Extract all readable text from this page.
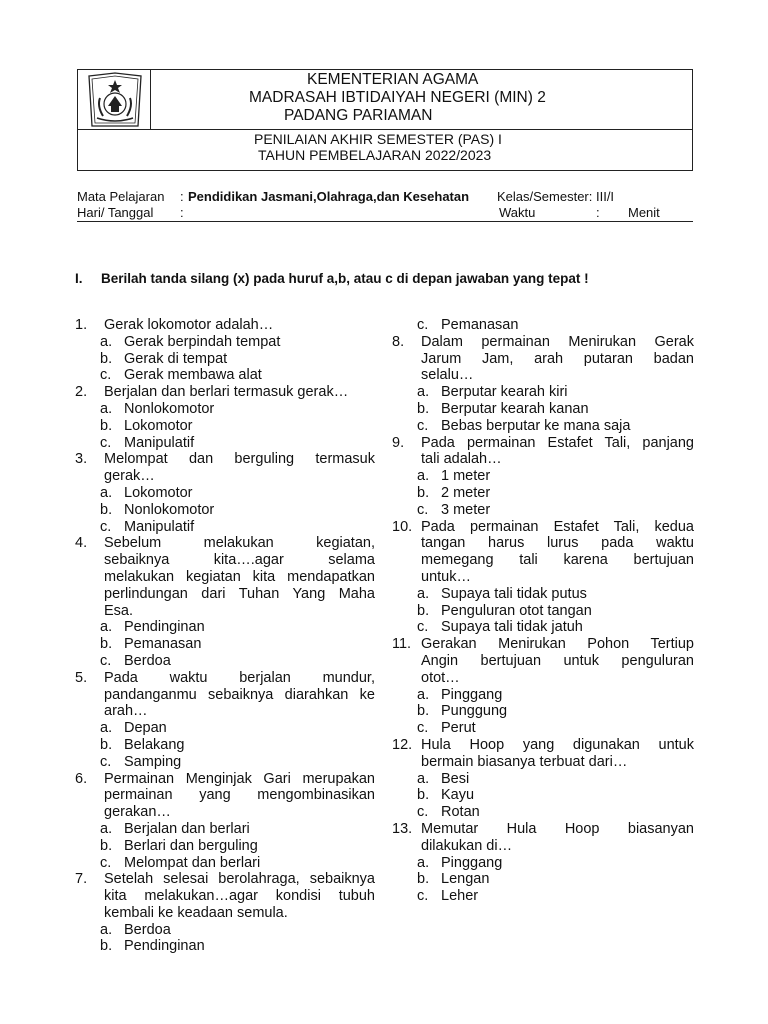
KEMENTERIAN AGAMA
MADRASAH IBTIDAIYAH NEGERI (MIN) 2
PADANG PARIAMAN
PENILAIAN AKHIR SEMESTER (PAS) I
TAHUN PEMBELAJARAN 2022/2023
Mata Pelajaran : Pendidikan Jasmani,Olahraga,dan Kesehatan Kelas/Semester: III/I
Hari/ Tanggal :	Waktu	: Menit
I. Berilah tanda silang (x) pada huruf a,b, atau c di depan jawaban yang tepat !
1. Gerak lokomotor adalah…
a. Gerak berpindah tempat
b. Gerak di tempat
c. Gerak membawa alat
2. Berjalan dan berlari termasuk gerak…
a. Nonlokomotor
b. Lokomotor
c. Manipulatif
3. Melompat dan berguling termasuk
gerak…
a. Lokomotor
b. Nonlokomotor
c. Manipulatif
4. Sebelum melakukan kegiatan,
sebaiknya kita….agar selama
melakukan kegiatan kita mendapatkan
perlindungan dari Tuhan Yang Maha
Esa.
a. Pendinginan
b. Pemanasan
c. Berdoa
5. Pada waktu berjalan mundur,
pandanganmu sebaiknya diarahkan ke
arah…
a. Depan
b. Belakang
c. Samping
6. Permainan Menginjak Gari merupakan
permainan yang mengombinasikan
gerakan…
a. Berjalan dan berlari
b. Berlari dan berguling
c. Melompat dan berlari
7. Setelah selesai berolahraga, sebaiknya
kita melakukan…agar kondisi tubuh
kembali ke keadaan semula.
a. Berdoa
b. Pendinginan
c. Pemanasan
8. Dalam permainan Menirukan Gerak
Jarum Jam, arah putaran badan
selalu…
a. Berputar kearah kiri
b. Berputar kearah kanan
c. Bebas berputar ke mana saja
9. Pada permainan Estafet Tali, panjang
tali adalah…
a. 1 meter
b. 2 meter
c. 3 meter
10. Pada permainan Estafet Tali, kedua
tangan harus lurus pada waktu
memegang tali karena bertujuan
untuk…
a. Supaya tali tidak putus
b. Penguluran otot tangan
c. Supaya tali tidak jatuh
11. Gerakan Menirukan Pohon Tertiup
Angin bertujuan untuk penguluran
otot…
a. Pinggang
b. Punggung
c. Perut
12. Hula Hoop yang digunakan untuk
bermain biasanya terbuat dari…
a. Besi
b. Kayu
c. Rotan
13. Memutar Hula Hoop biasanyan
dilakukan di…
a. Pinggang
b. Lengan
c. Leher
